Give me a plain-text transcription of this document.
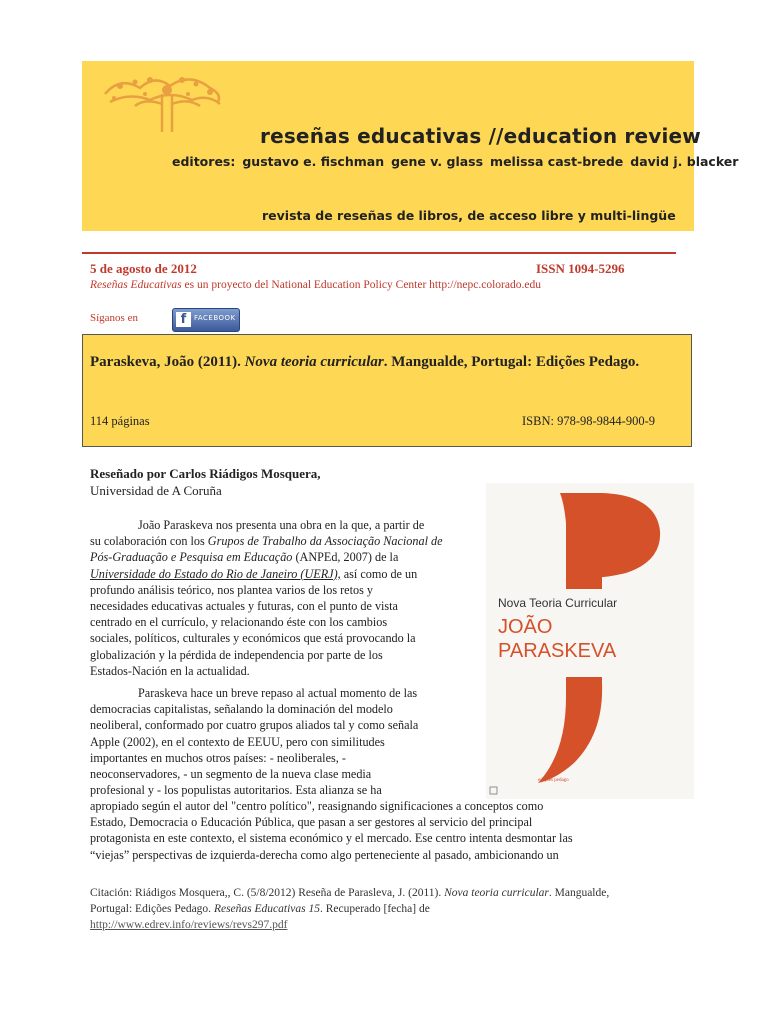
reseñas educativas //education review
editores: gustavo e. fischman gene v. glass melissa cast-brede david j. blacker
revista de reseñas de libros, de acceso libre y multi-lingüe
5 de agosto de 2012	ISSN 1094-5296
Reseñas Educativas es un proyecto del National Education Policy Center http://nepc.colorado.edu
Síganos en	f	FACEBOOK
Paraskeva, João (2011). Nova teoria curricular. Mangualde, Portugal: Edições Pedago.
114 páginas	ISBN: 978-98-9844-900-9
Reseñado por Carlos Riádigos Mosquera,
Universidad de A Coruña
Nova Teoria Curricular
JOÃO
PARASKEVA
edições pedago
João Paraskeva nos presenta una obra en la que, a partir de
su colaboración con los Grupos de Trabalho da Associação Nacional de
Pós-Graduação e Pesquisa em Educação (ANPEd, 2007) de la
Universidade do Estado do Rio de Janeiro (UERJ), así como de un
profundo análisis teórico, nos plantea varios de los retos y
necesidades educativas actuales y futuras, con el punto de vista
centrado en el currículo, y relacionando éste con los cambios
sociales, políticos, culturales y económicos que está provocando la
globalización y la pérdida de independencia por parte de los
Estados-Nación en la actualidad.
Paraskeva hace un breve repaso al actual momento de las
democracias capitalistas, señalando la dominación del modelo
neoliberal, conformado por cuatro grupos aliados tal y como señala
Apple (2002), en el contexto de EEUU, pero con similitudes
importantes en muchos otros países: - neoliberales, -
neoconservadores, - un segmento de la nueva clase media
profesional y - los populistas autoritarios. Esta alianza se ha
apropiado según el autor del "centro político", reasignando significaciones a conceptos como
Estado, Democracia o Educación Pública, que pasan a ser gestores al servicio del principal
protagonista en este contexto, el sistema económico y el mercado. Ese centro intenta desmontar las
“viejas” perspectivas de izquierda-derecha como algo perteneciente al pasado, ambicionando un
Citación: Riádigos Mosquera,, C. (5/8/2012) Reseña de Parasleva, J. (2011). Nova teoria curricular. Mangualde,
Portugal: Edições Pedago. Reseñas Educativas 15. Recuperado [fecha] de
http://www.edrev.info/reviews/revs297.pdf
